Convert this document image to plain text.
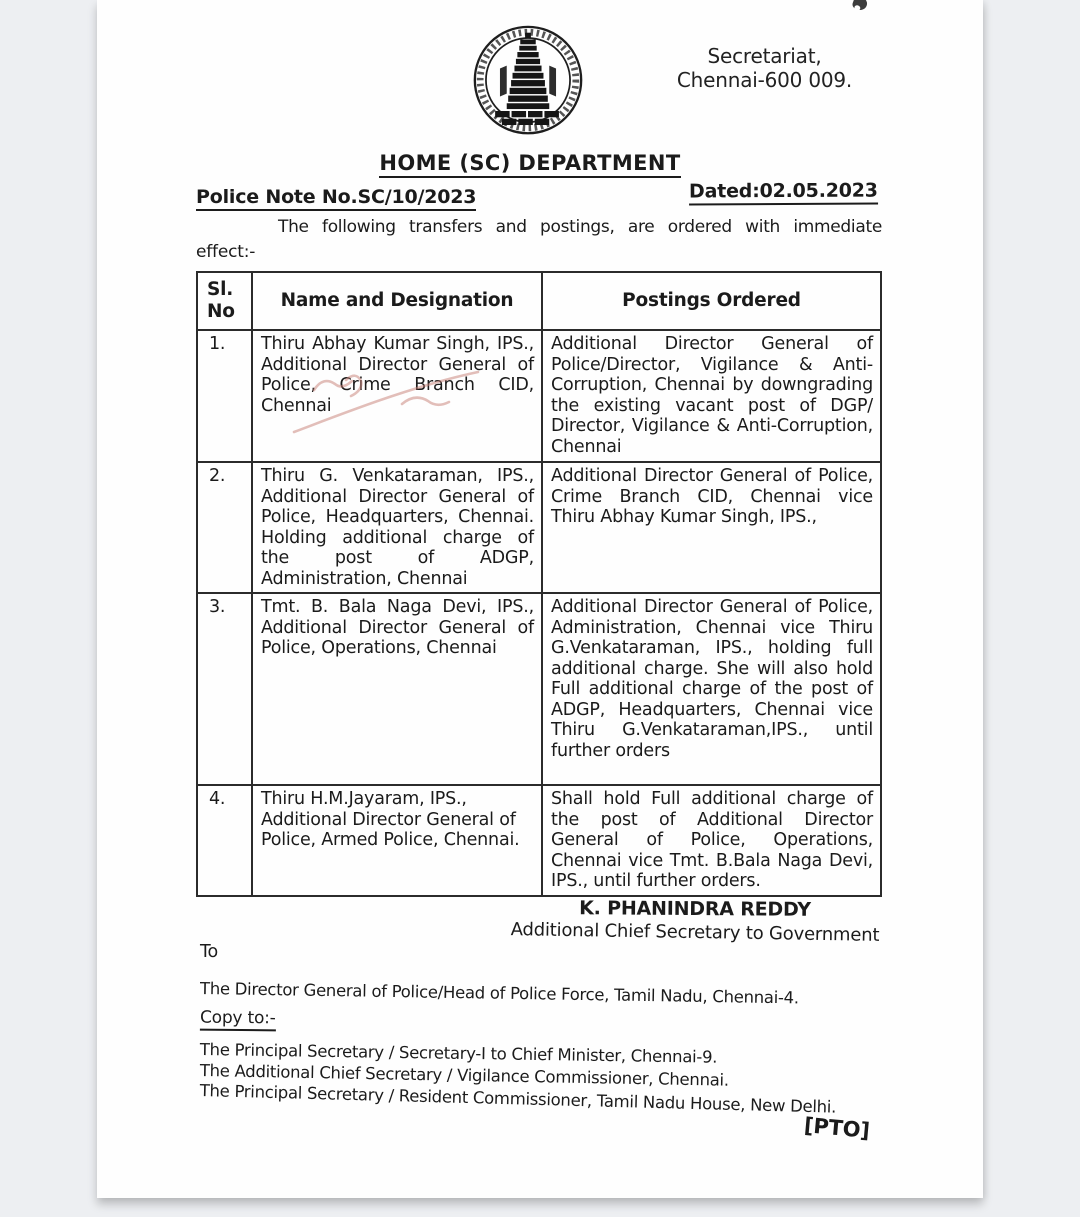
Secretariat,
Chennai-600 009.
HOME (SC) DEPARTMENT
Police Note No.SC/10/2023	Dated:02.05.2023
The following transfers and postings, are ordered with immediate
effect:-
Sl.
No	Name and Designation	Postings Ordered
1.	Thiru Abhay Kumar Singh, IPS., Additional Director General of Police, Crime Branch CID, Chennai	Additional Director General of Police/Director, Vigilance & Anti-Corruption, Chennai by downgrading the existing vacant post of DGP/ Director, Vigilance & Anti-Corruption, Chennai
2.	Thiru G. Venkataraman, IPS., Additional Director General of Police, Headquarters, Chennai. Holding additional charge of the post of ADGP, Administration, Chennai	Additional Director General of Police, Crime Branch CID, Chennai vice Thiru Abhay Kumar Singh, IPS.,
3.	Tmt. B. Bala Naga Devi, IPS., Additional Director General of Police, Operations, Chennai	Additional Director General of Police, Administration, Chennai vice Thiru G.Venkataraman, IPS., holding full additional charge. She will also hold Full additional charge of the post of ADGP, Headquarters, Chennai vice Thiru G.Venkataraman,IPS., until further orders
4.	Thiru H.M.Jayaram, IPS., Additional Director General of Police, Armed Police, Chennai.	Shall hold Full additional charge of the post of Additional Director General of Police, Operations, Chennai vice Tmt. B.Bala Naga Devi, IPS., until further orders.
K. PHANINDRA REDDY
Additional Chief Secretary to Government
To
The Director General of Police/Head of Police Force, Tamil Nadu, Chennai-4.
Copy to:-
The Principal Secretary / Secretary-I to Chief Minister, Chennai-9.
The Additional Chief Secretary / Vigilance Commissioner, Chennai.
The Principal Secretary / Resident Commissioner, Tamil Nadu House, New Delhi.
[PTO]
